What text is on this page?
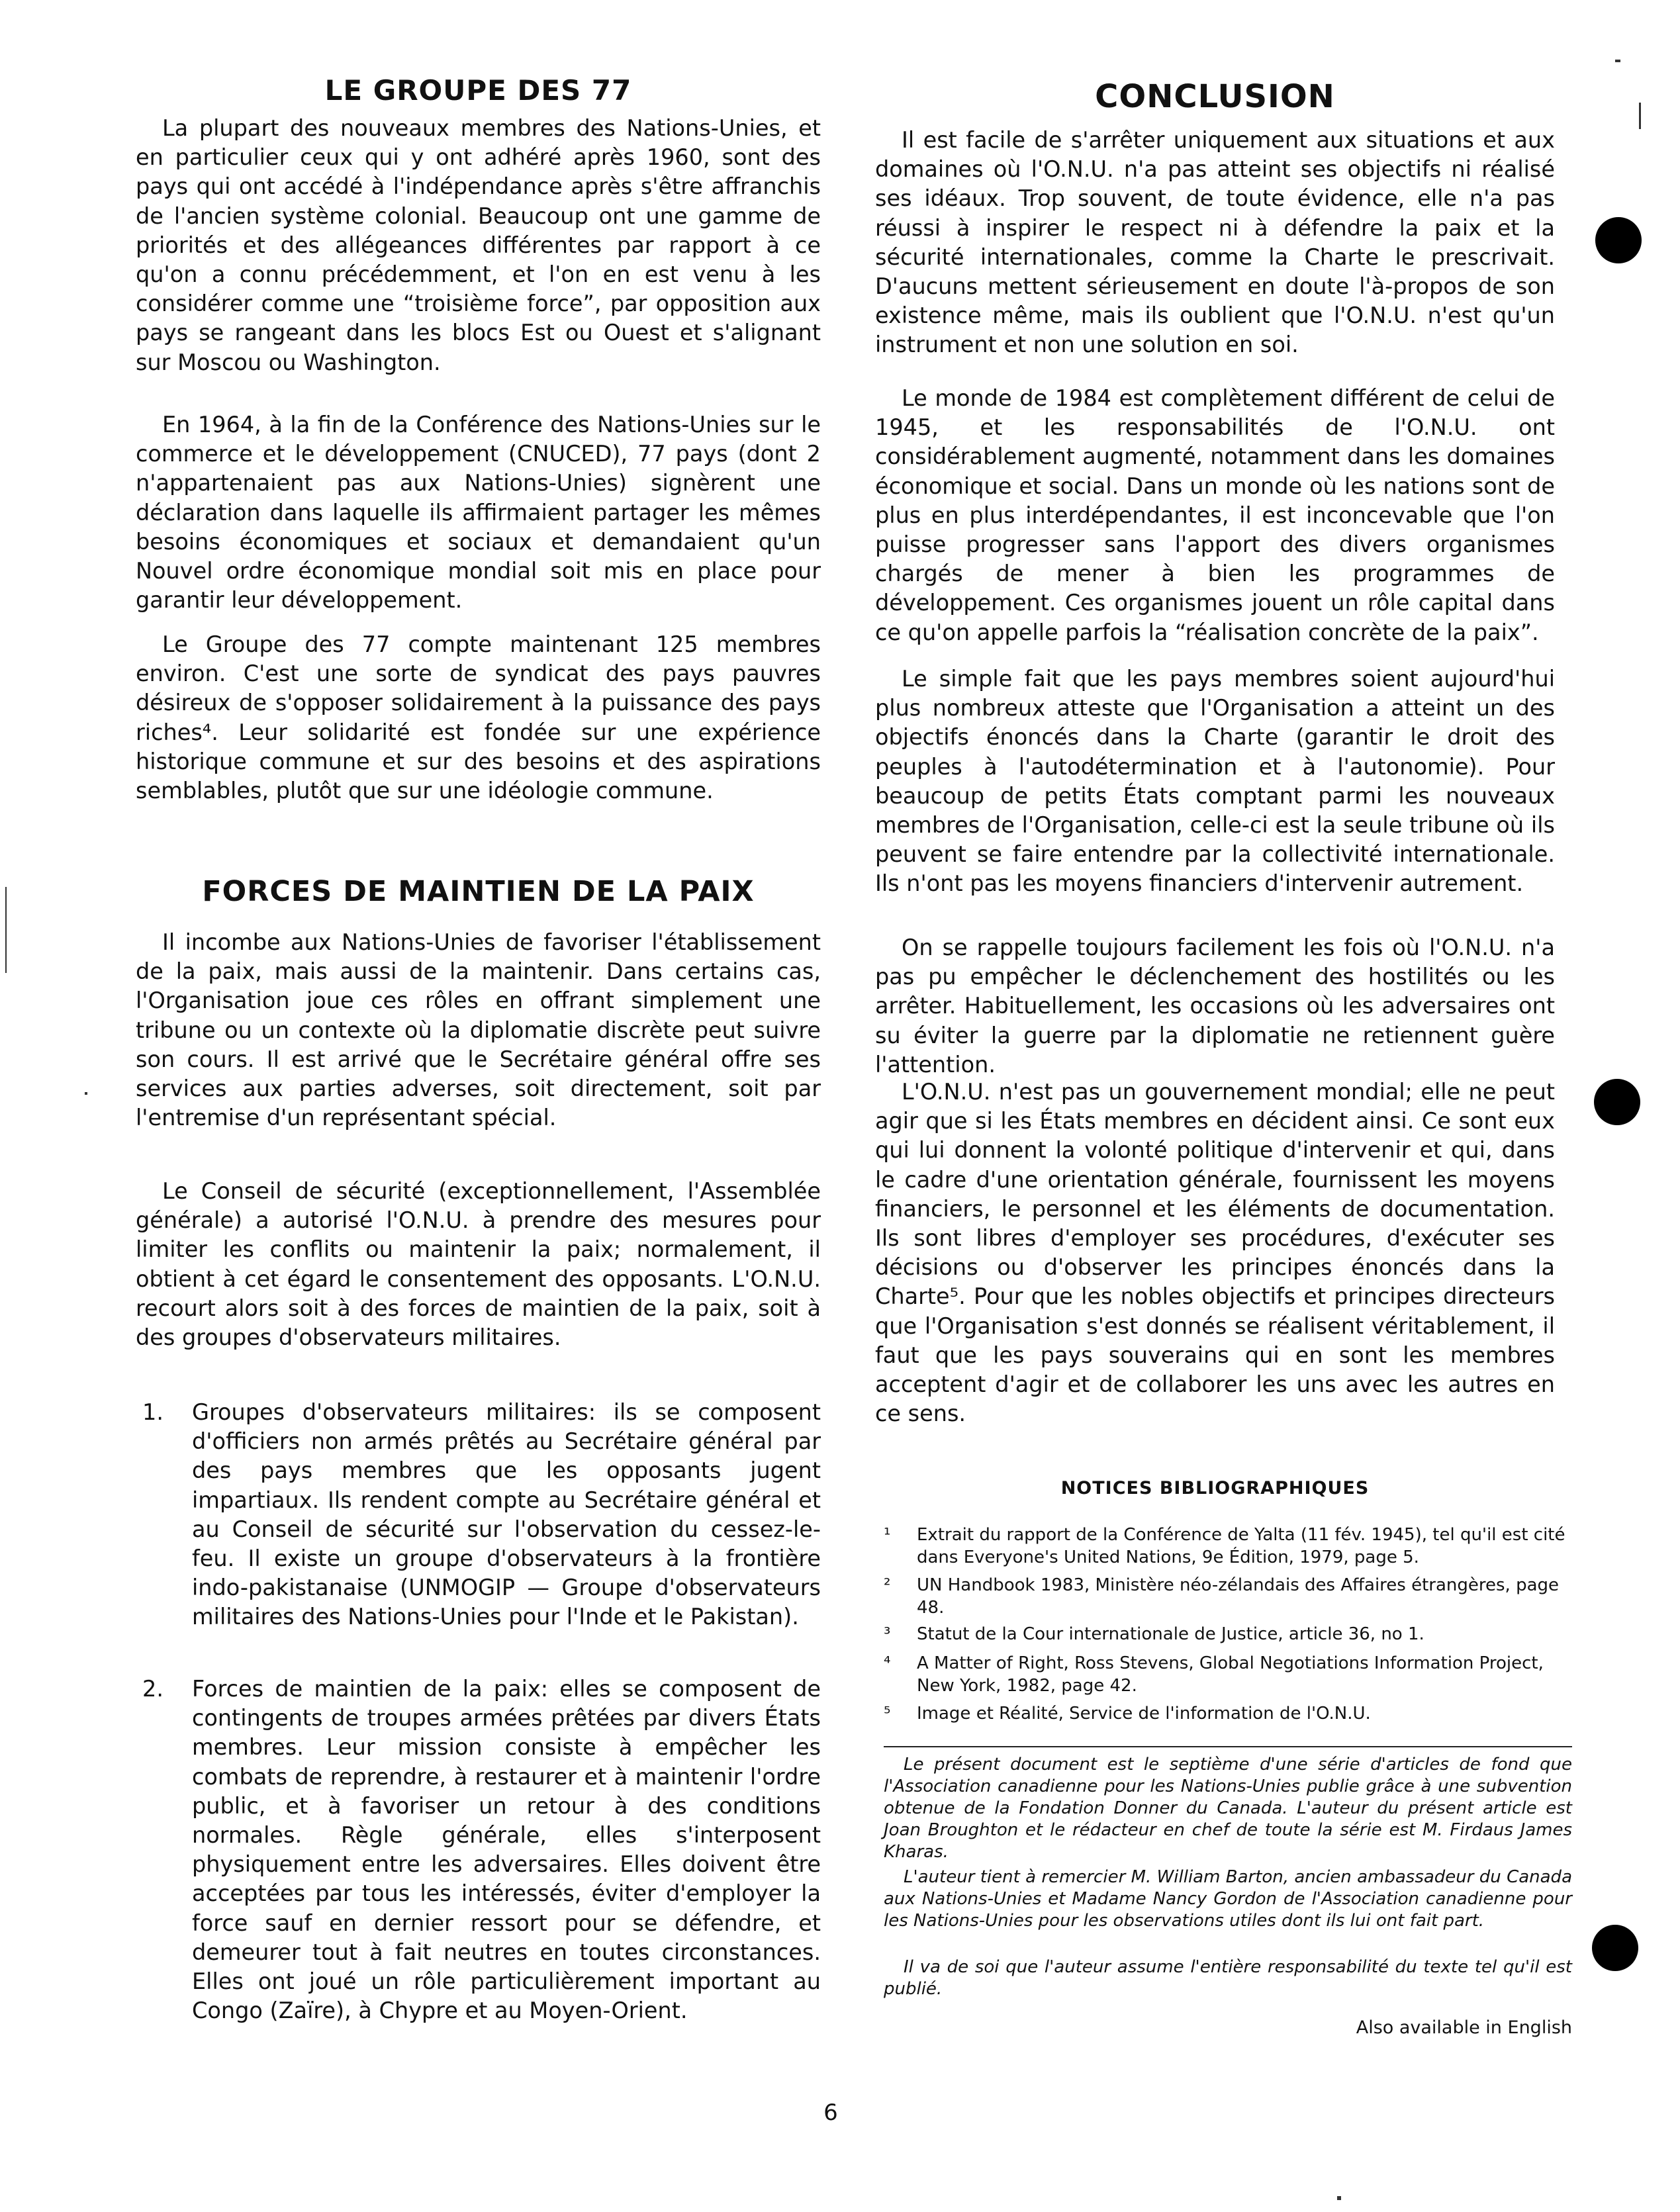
LE GROUPE DES 77

La plupart des nouveaux membres des Nations-Unies, et en particulier ceux qui y ont adhéré après 1960, sont des pays qui ont accédé à l'indépendance après s'être affranchis de l'ancien système colonial. Beaucoup ont une gamme de priorités et des allégeances différentes par rapport à ce qu'on a connu précédemment, et l'on en est venu à les considérer comme une “troisième force”, par opposition aux pays se rangeant dans les blocs Est ou Ouest et s'alignant sur Moscou ou Washington.

En 1964, à la fin de la Conférence des Nations-Unies sur le commerce et le développement (CNUCED), 77 pays (dont 2 n'appartenaient pas aux Nations-Unies) signèrent une déclaration dans laquelle ils affirmaient partager les mêmes besoins économiques et sociaux et demandaient qu'un Nouvel ordre économique mondial soit mis en place pour garantir leur développement.

Le Groupe des 77 compte maintenant 125 membres environ. C'est une sorte de syndicat des pays pauvres désireux de s'opposer solidairement à la puissance des pays riches⁴. Leur solidarité est fondée sur une expérience historique commune et sur des besoins et des aspirations semblables, plutôt que sur une idéologie commune.

FORCES DE MAINTIEN DE LA PAIX

Il incombe aux Nations-Unies de favoriser l'établissement de la paix, mais aussi de la maintenir. Dans certains cas, l'Organisation joue ces rôles en offrant simplement une tribune ou un contexte où la diplomatie discrète peut suivre son cours. Il est arrivé que le Secrétaire général offre ses services aux parties adverses, soit directement, soit par l'entremise d'un représentant spécial.

Le Conseil de sécurité (exceptionnellement, l'Assemblée générale) a autorisé l'O.N.U. à prendre des mesures pour limiter les conflits ou maintenir la paix; normalement, il obtient à cet égard le consentement des opposants. L'O.N.U. recourt alors soit à des forces de maintien de la paix, soit à des groupes d'observateurs militaires.

1. Groupes d'observateurs militaires: ils se composent d'officiers non armés prêtés au Secrétaire général par des pays membres que les opposants jugent impartiaux. Ils rendent compte au Secrétaire général et au Conseil de sécurité sur l'observation du cessez-le-feu. Il existe un groupe d'observateurs à la frontière indo-pakistanaise (UNMOGIP — Groupe d'observateurs militaires des Nations-Unies pour l'Inde et le Pakistan).
2. Forces de maintien de la paix: elles se composent de contingents de troupes armées prêtées par divers États membres. Leur mission consiste à empêcher les combats de reprendre, à restaurer et à maintenir l'ordre public, et à favoriser un retour à des conditions normales. Règle générale, elles s'interposent physiquement entre les adversaires. Elles doivent être acceptées par tous les intéressés, éviter d'employer la force sauf en dernier ressort pour se défendre, et demeurer tout à fait neutres en toutes circonstances. Elles ont joué un rôle particulièrement important au Congo (Zaïre), à Chypre et au Moyen-Orient.
CONCLUSION

Il est facile de s'arrêter uniquement aux situations et aux domaines où l'O.N.U. n'a pas atteint ses objectifs ni réalisé ses idéaux. Trop souvent, de toute évidence, elle n'a pas réussi à inspirer le respect ni à défendre la paix et la sécurité internationales, comme la Charte le prescrivait. D'aucuns mettent sérieusement en doute l'à-propos de son existence même, mais ils oublient que l'O.N.U. n'est qu'un instrument et non une solution en soi.

Le monde de 1984 est complètement différent de celui de 1945, et les responsabilités de l'O.N.U. ont considérablement augmenté, notamment dans les domaines économique et social. Dans un monde où les nations sont de plus en plus interdépendantes, il est inconcevable que l'on puisse progresser sans l'apport des divers organismes chargés de mener à bien les programmes de développement. Ces organismes jouent un rôle capital dans ce qu'on appelle parfois la “réalisation concrète de la paix”.

Le simple fait que les pays membres soient aujourd'hui plus nombreux atteste que l'Organisation a atteint un des objectifs énoncés dans la Charte (garantir le droit des peuples à l'autodétermination et à l'autonomie). Pour beaucoup de petits États comptant parmi les nouveaux membres de l'Organisation, celle-ci est la seule tribune où ils peuvent se faire entendre par la collectivité internationale. Ils n'ont pas les moyens financiers d'intervenir autrement.

On se rappelle toujours facilement les fois où l'O.N.U. n'a pas pu empêcher le déclenchement des hostilités ou les arrêter. Habituellement, les occasions où les adversaires ont su éviter la guerre par la diplomatie ne retiennent guère l'attention.

L'O.N.U. n'est pas un gouvernement mondial; elle ne peut agir que si les États membres en décident ainsi. Ce sont eux qui lui donnent la volonté politique d'intervenir et qui, dans le cadre d'une orientation générale, fournissent les moyens financiers, le personnel et les éléments de documentation. Ils sont libres d'employer ses procédures, d'exécuter ses décisions ou d'observer les principes énoncés dans la Charte⁵. Pour que les nobles objectifs et principes directeurs que l'Organisation s'est donnés se réalisent véritablement, il faut que les pays souverains qui en sont les membres acceptent d'agir et de collaborer les uns avec les autres en ce sens.

NOTICES BIBLIOGRAPHIQUES
¹ Extrait du rapport de la Conférence de Yalta (11 fév. 1945), tel qu'il est cité dans Everyone's United Nations, 9e Édition, 1979, page 5.
² UN Handbook 1983, Ministère néo-zélandais des Affaires étrangères, page 48.
³ Statut de la Cour internationale de Justice, article 36, no 1.
⁴ A Matter of Right, Ross Stevens, Global Negotiations Information Project, New York, 1982, page 42.
⁵ Image et Réalité, Service de l'information de l'O.N.U.

Le présent document est le septième d'une série d'articles de fond que l'Association canadienne pour les Nations-Unies publie grâce à une subvention obtenue de la Fondation Donner du Canada. L'auteur du présent article est Joan Broughton et le rédacteur en chef de toute la série est M. Firdaus James Kharas.

L'auteur tient à remercier M. William Barton, ancien ambassadeur du Canada aux Nations-Unies et Madame Nancy Gordon de l'Association canadienne pour les Nations-Unies pour les observations utiles dont ils lui ont fait part.

Il va de soi que l'auteur assume l'entière responsabilité du texte tel qu'il est publié.

Also available in English
6
